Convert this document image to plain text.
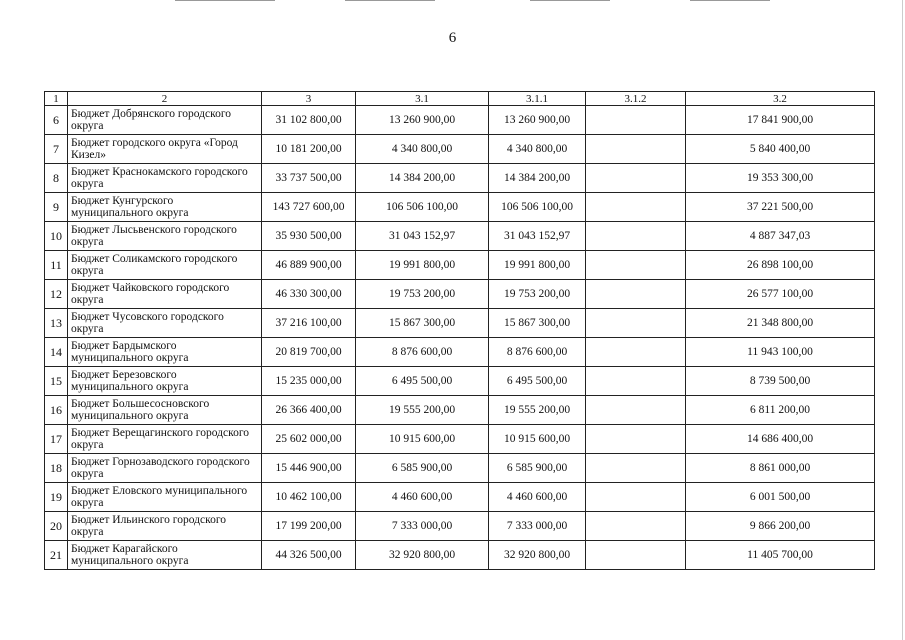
6
1	2	3	3.1	3.1.1	3.1.2	3.2
6	Бюджет Добрянского городского округа	31 102 800,00	13 260 900,00	13 260 900,00		17 841 900,00
7	Бюджет городского округа «Город Кизел»	10 181 200,00	4 340 800,00	4 340 800,00		5 840 400,00
8	Бюджет Краснокамского городского округа	33 737 500,00	14 384 200,00	14 384 200,00		19 353 300,00
9	Бюджет Кунгурского муниципального округа	143 727 600,00	106 506 100,00	106 506 100,00		37 221 500,00
10	Бюджет Лысьвенского городского округа	35 930 500,00	31 043 152,97	31 043 152,97		4 887 347,03
11	Бюджет Соликамского городского округа	46 889 900,00	19 991 800,00	19 991 800,00		26 898 100,00
12	Бюджет Чайковского городского округа	46 330 300,00	19 753 200,00	19 753 200,00		26 577 100,00
13	Бюджет Чусовского городского округа	37 216 100,00	15 867 300,00	15 867 300,00		21 348 800,00
14	Бюджет Бардымского муниципального округа	20 819 700,00	8 876 600,00	8 876 600,00		11 943 100,00
15	Бюджет Березовского муниципального округа	15 235 000,00	6 495 500,00	6 495 500,00		8 739 500,00
16	Бюджет Большесосновского муниципального округа	26 366 400,00	19 555 200,00	19 555 200,00		6 811 200,00
17	Бюджет Верещагинского городского округа	25 602 000,00	10 915 600,00	10 915 600,00		14 686 400,00
18	Бюджет Горнозаводского городского округа	15 446 900,00	6 585 900,00	6 585 900,00		8 861 000,00
19	Бюджет Еловского муниципального округа	10 462 100,00	4 460 600,00	4 460 600,00		6 001 500,00
20	Бюджет Ильинского городского округа	17 199 200,00	7 333 000,00	7 333 000,00		9 866 200,00
21	Бюджет Карагайского муниципального округа	44 326 500,00	32 920 800,00	32 920 800,00		11 405 700,00
